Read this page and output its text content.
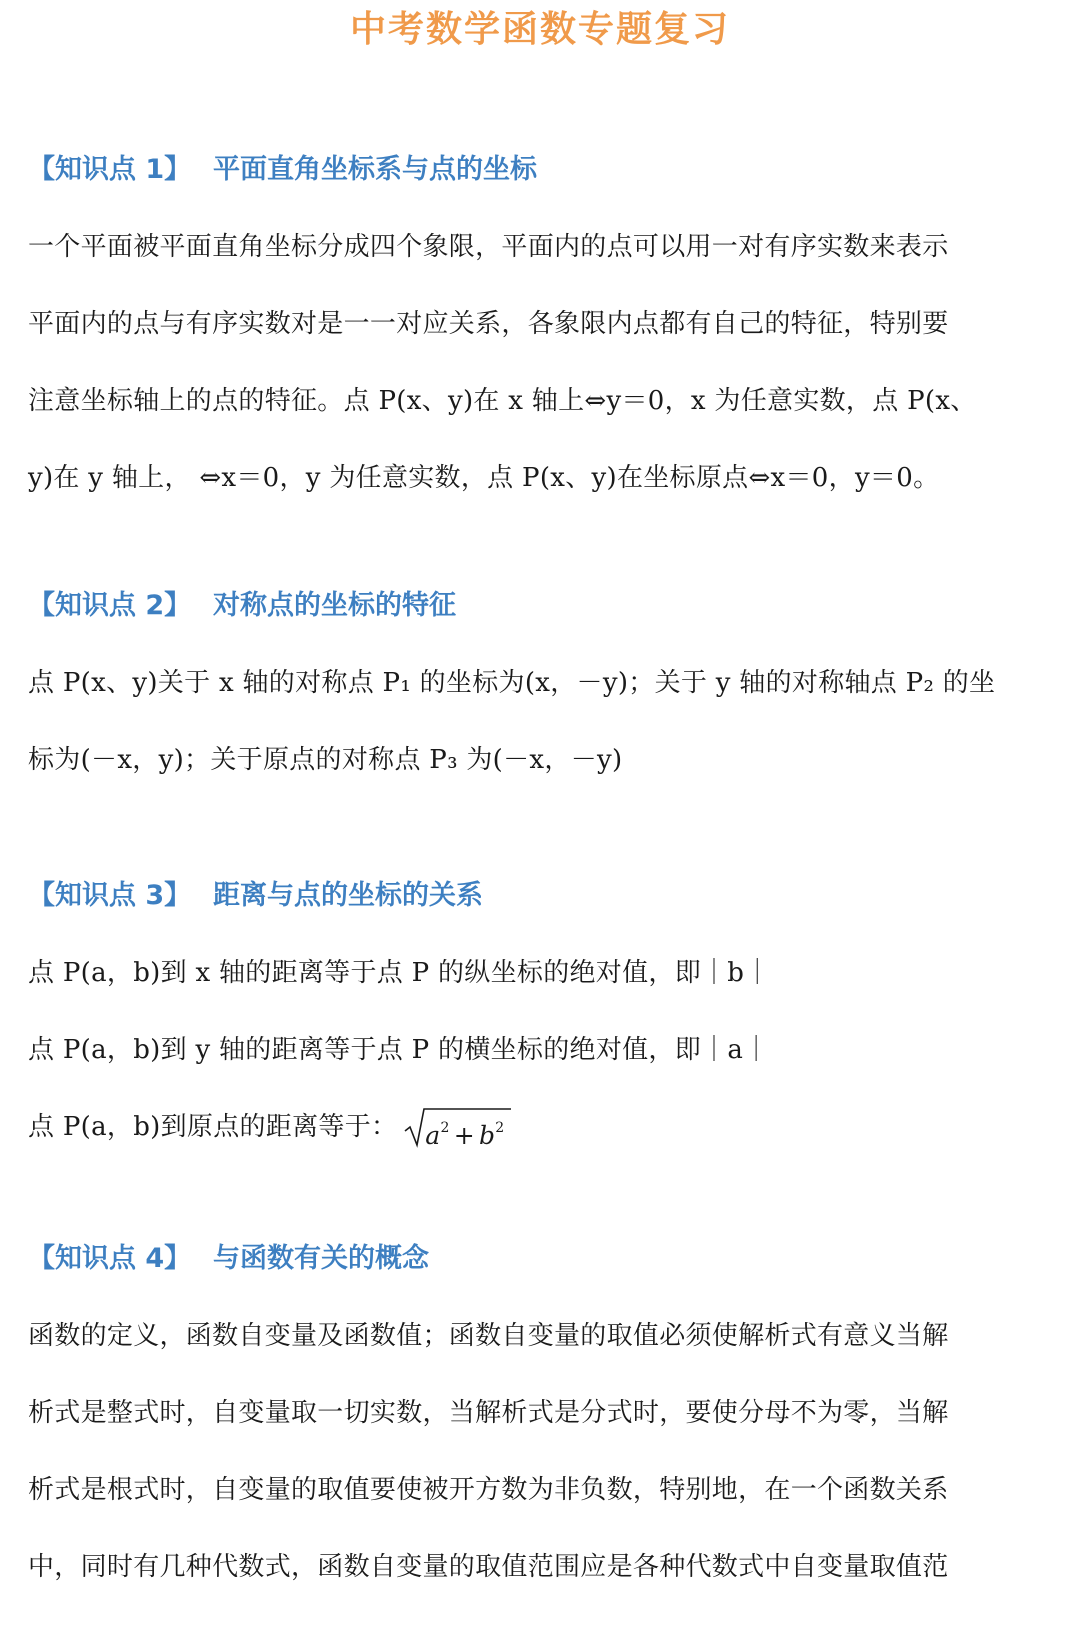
中考数学函数专题复习
【知识点 1】 平面直角坐标系与点的坐标
一个平面被平面直角坐标分成四个象限，平面内的点可以用一对有序实数来表示
平面内的点与有序实数对是一一对应关系，各象限内点都有自己的特征，特别要
注意坐标轴上的点的特征。点 P(x、y)在 x 轴上⇔y＝0，x 为任意实数，点 P(x、
y)在 y 轴上， ⇔x＝0，y 为任意实数，点 P(x、y)在坐标原点⇔x＝0，y＝0。
【知识点 2】 对称点的坐标的特征
点 P(x、y)关于 x 轴的对称点 P₁ 的坐标为(x，－y)；关于 y 轴的对称轴点 P₂ 的坐
标为(－x，y)；关于原点的对称点 P₃ 为(－x，－y)
【知识点 3】 距离与点的坐标的关系
点 P(a，b)到 x 轴的距离等于点 P 的纵坐标的绝对值，即｜b｜
点 P(a，b)到 y 轴的距离等于点 P 的横坐标的绝对值，即｜a｜
点 P(a，b)到原点的距离等于： $a^2 + b^2$
【知识点 4】 与函数有关的概念
函数的定义，函数自变量及函数值；函数自变量的取值必须使解析式有意义当解
析式是整式时，自变量取一切实数，当解析式是分式时，要使分母不为零，当解
析式是根式时，自变量的取值要使被开方数为非负数，特别地，在一个函数关系
中，同时有几种代数式，函数自变量的取值范围应是各种代数式中自变量取值范
